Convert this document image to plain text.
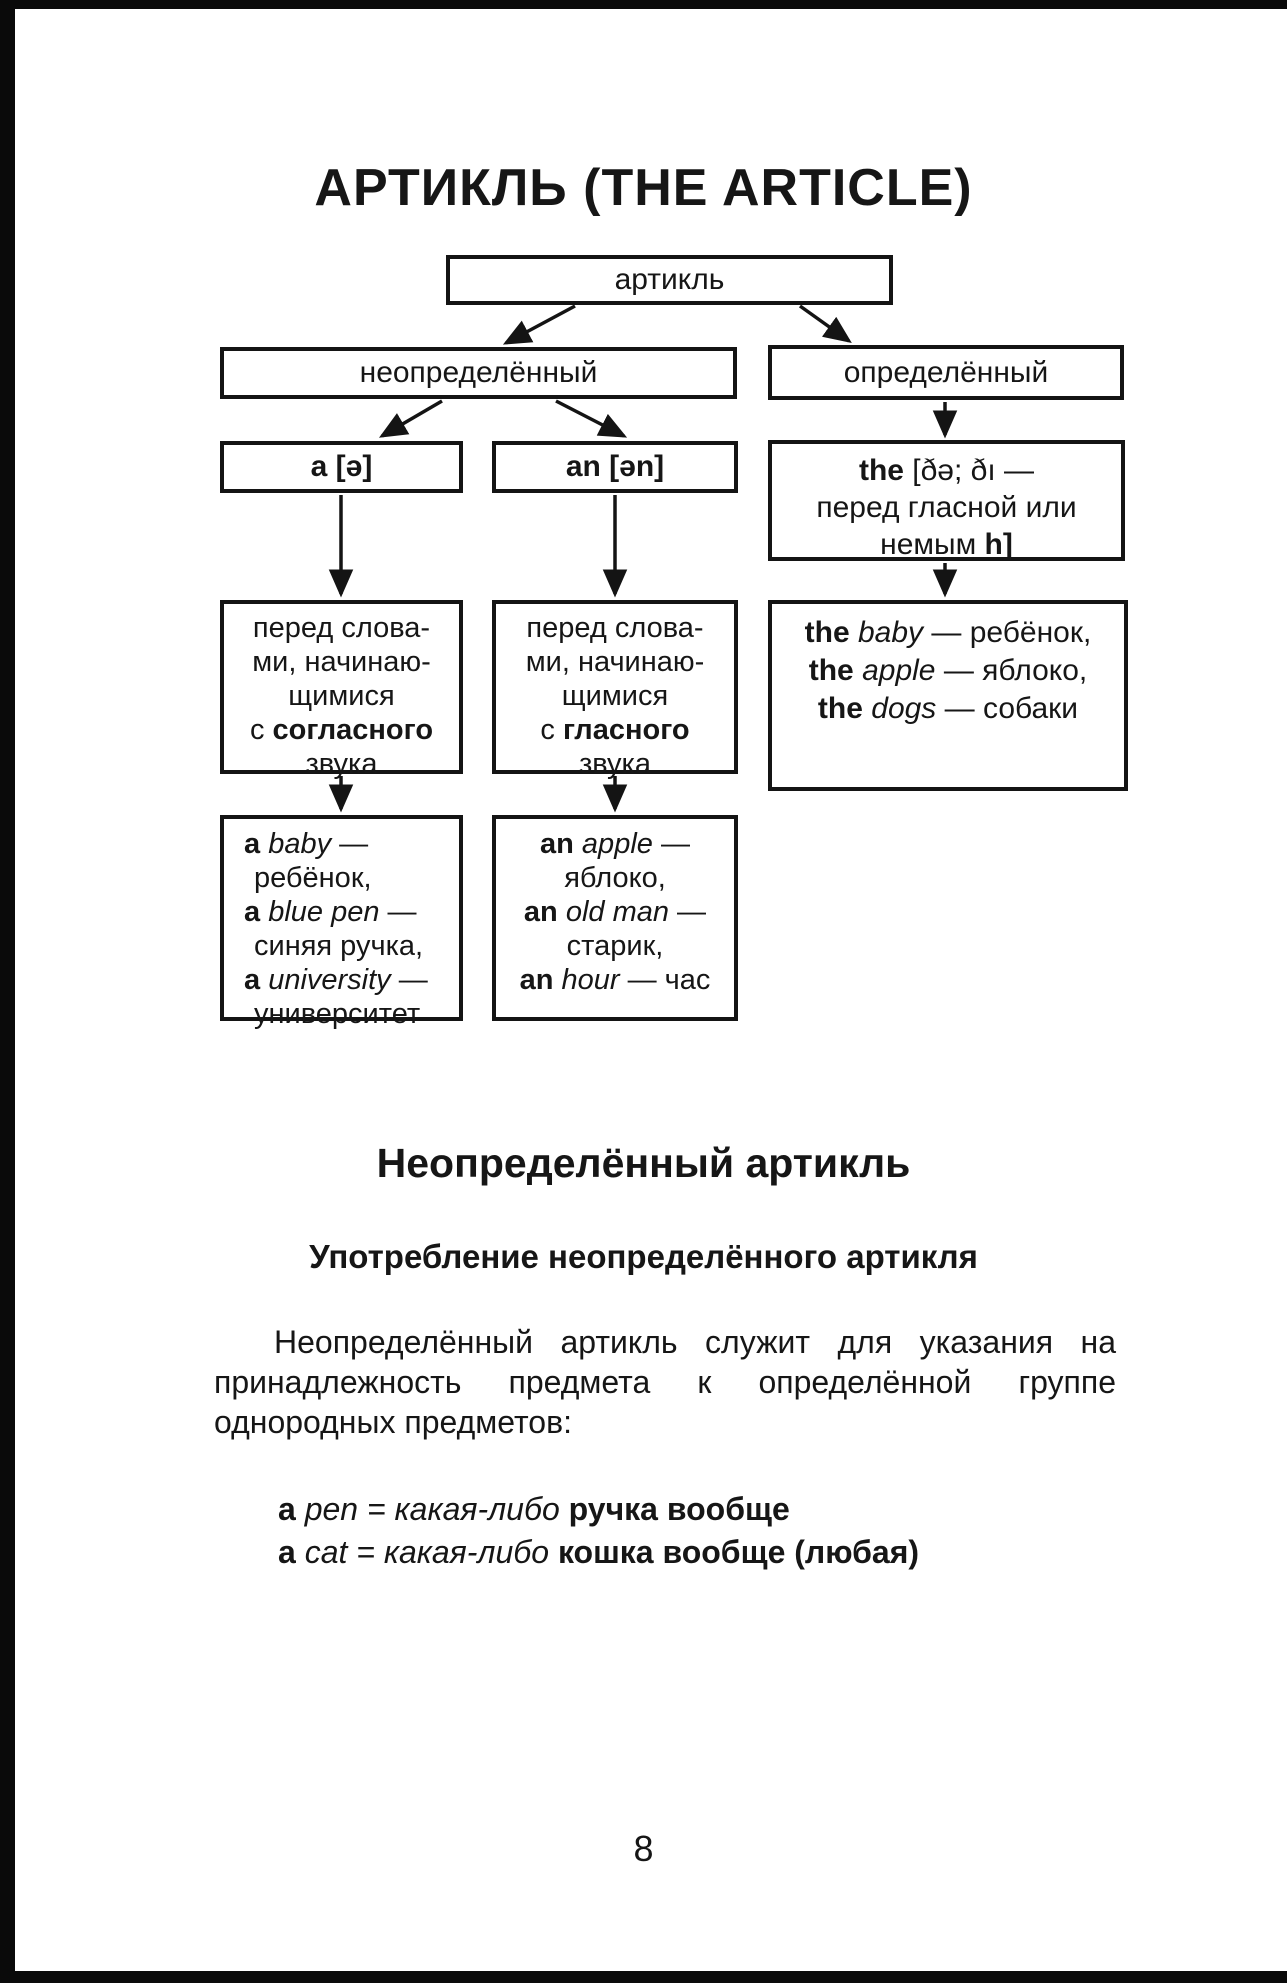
АРТИКЛЬ (THE ARTICLE)
артикль
неопределённый	определённый
a [ə]	an [ən]	the [ðə; ðı —
перед гласной или
немым h]
перед слова-
ми, начинаю-
щимися
с согласного
звука
перед слова-
ми, начинаю-
щимися
с гласного
звука
the baby — ребёнок,
the apple — яблоко,
the dogs — собаки
a baby —
ребёнок,
a blue pen —
синяя ручка,
a university —
университет
an apple —
яблоко,
an old man —
старик,
an hour — час
Неопределённый артикль
Употребление неопределённого артикля

Неопределённый артикль служит для указания на принадлежность предмета к определённой группе однородных предметов:

a pen = какая-либо ручка вообще
a cat = какая-либо кошка вообще (любая)
8
